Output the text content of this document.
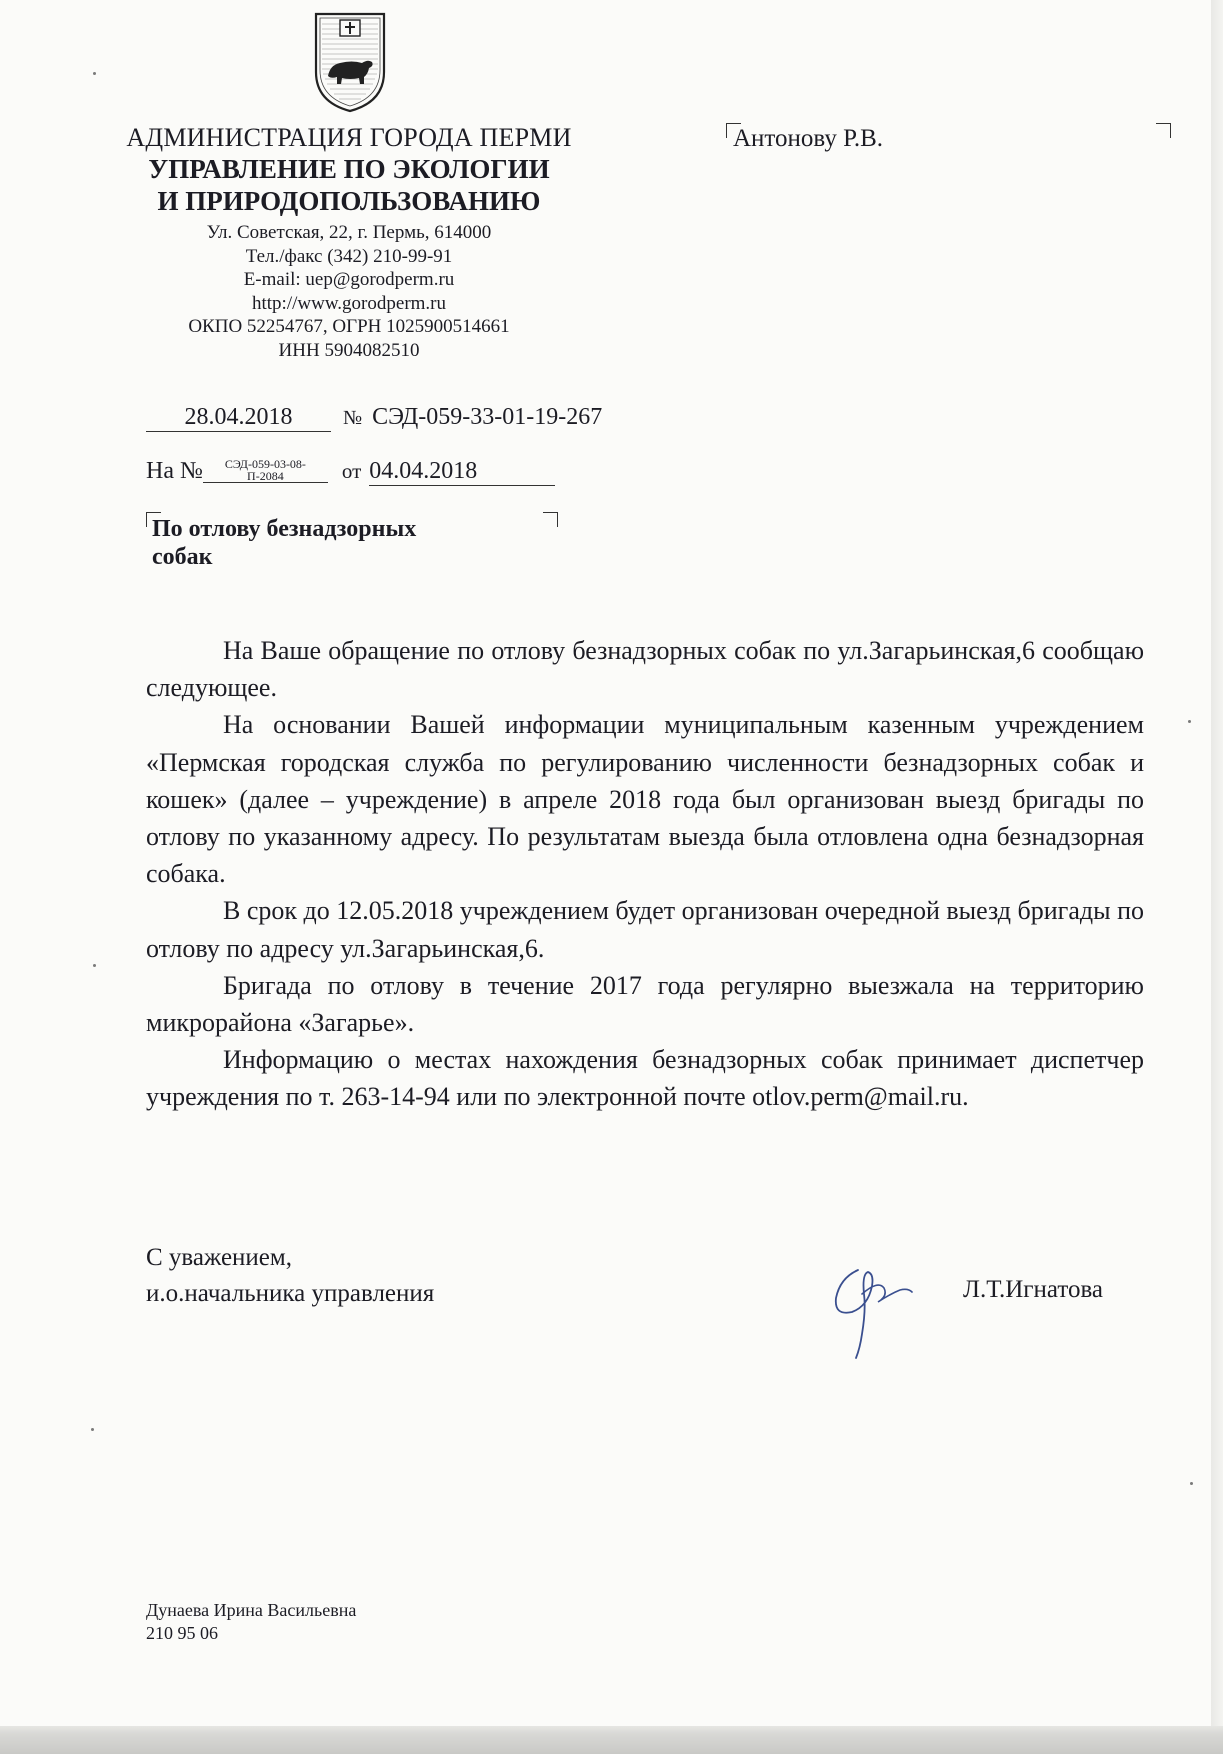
АДМИНИСТРАЦИЯ ГОРОДА ПЕРМИ
УПРАВЛЕНИЕ ПО ЭКОЛОГИИ
И ПРИРОДОПОЛЬЗОВАНИЮ
Ул. Советская, 22, г. Пермь, 614000
Тел./факс (342) 210-99-91
E-mail: uep@gorodperm.ru
http://www.gorodperm.ru
ОКПО 52254767, ОГРН 1025900514661
ИНН 5904082510
Антонову Р.В.
28.04.2018	№ СЭД-059-33-01-19-267
На №	СЭД-059-03-08-
П-2084	от 04.04.2018
По отлову безнадзорных
собак

На Ваше обращение по отлову безнадзорных собак по ул.Загарьинская,6 сообщаю следующее.

На основании Вашей информации муниципальным казенным учреждением «Пермская городская служба по регулированию численности безнадзорных собак и кошек» (далее – учреждение) в апреле 2018 года был организован выезд бригады по отлову по указанному адресу. По результатам выезда была отловлена одна безнадзорная собака.

В срок до 12.05.2018 учреждением будет организован очередной выезд бригады по отлову по адресу ул.Загарьинская,6.

Бригада по отлову в течение 2017 года регулярно выезжала на территорию микрорайона «Загарье».

Информацию о местах нахождения безнадзорных собак принимает диспетчер учреждения по т. 263-14-94 или по электронной почте otlov.perm@mail.ru.

С уважением,
и.о.начальника управления	Л.Т.Игнатова
Дунаева Ирина Васильевна
210 95 06
